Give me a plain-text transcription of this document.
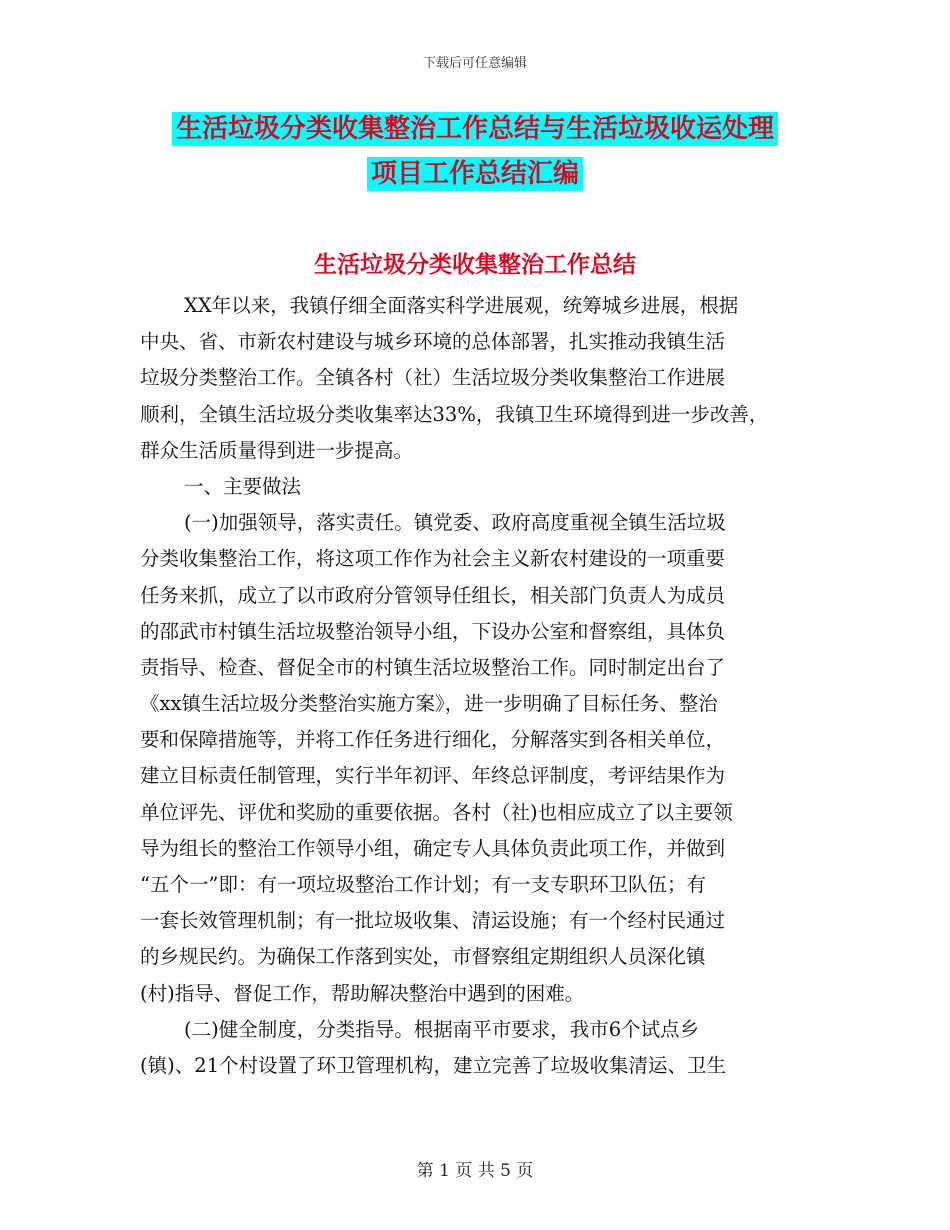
下载后可任意编辑
生活垃圾分类收集整治工作总结与生活垃圾收运处理
项目工作总结汇编
生活垃圾分类收集整治工作总结
XX年以来，我镇仔细全面落实科学进展观，统筹城乡进展，根据
中央、省、市新农村建设与城乡环境的总体部署，扎实推动我镇生活
垃圾分类整治工作。全镇各村（社）生活垃圾分类收集整治工作进展
顺利，全镇生活垃圾分类收集率达33%，我镇卫生环境得到进一步改善，
群众生活质量得到进一步提高。
一、主要做法
(一)加强领导，落实责任。镇党委、政府高度重视全镇生活垃圾
分类收集整治工作，将这项工作作为社会主义新农村建设的一项重要
任务来抓，成立了以市政府分管领导任组长，相关部门负责人为成员
的邵武市村镇生活垃圾整治领导小组，下设办公室和督察组，具体负
责指导、检查、督促全市的村镇生活垃圾整治工作。同时制定出台了
《xx镇生活垃圾分类整治实施方案》，进一步明确了目标任务、整治
要和保障措施等，并将工作任务进行细化，分解落实到各相关单位，
建立目标责任制管理，实行半年初评、年终总评制度，考评结果作为
单位评先、评优和奖励的重要依据。各村（社)也相应成立了以主要领
导为组长的整治工作领导小组，确定专人具体负责此项工作，并做到
“五个一”即：有一项垃圾整治工作计划；有一支专职环卫队伍；有
一套长效管理机制；有一批垃圾收集、清运设施；有一个经村民通过
的乡规民约。为确保工作落到实处，市督察组定期组织人员深化镇
(村)指导、督促工作，帮助解决整治中遇到的困难。
(二)健全制度，分类指导。根据南平市要求，我市6个试点乡
(镇)、21个村设置了环卫管理机构，建立完善了垃圾收集清运、卫生
第 1 页 共 5 页
